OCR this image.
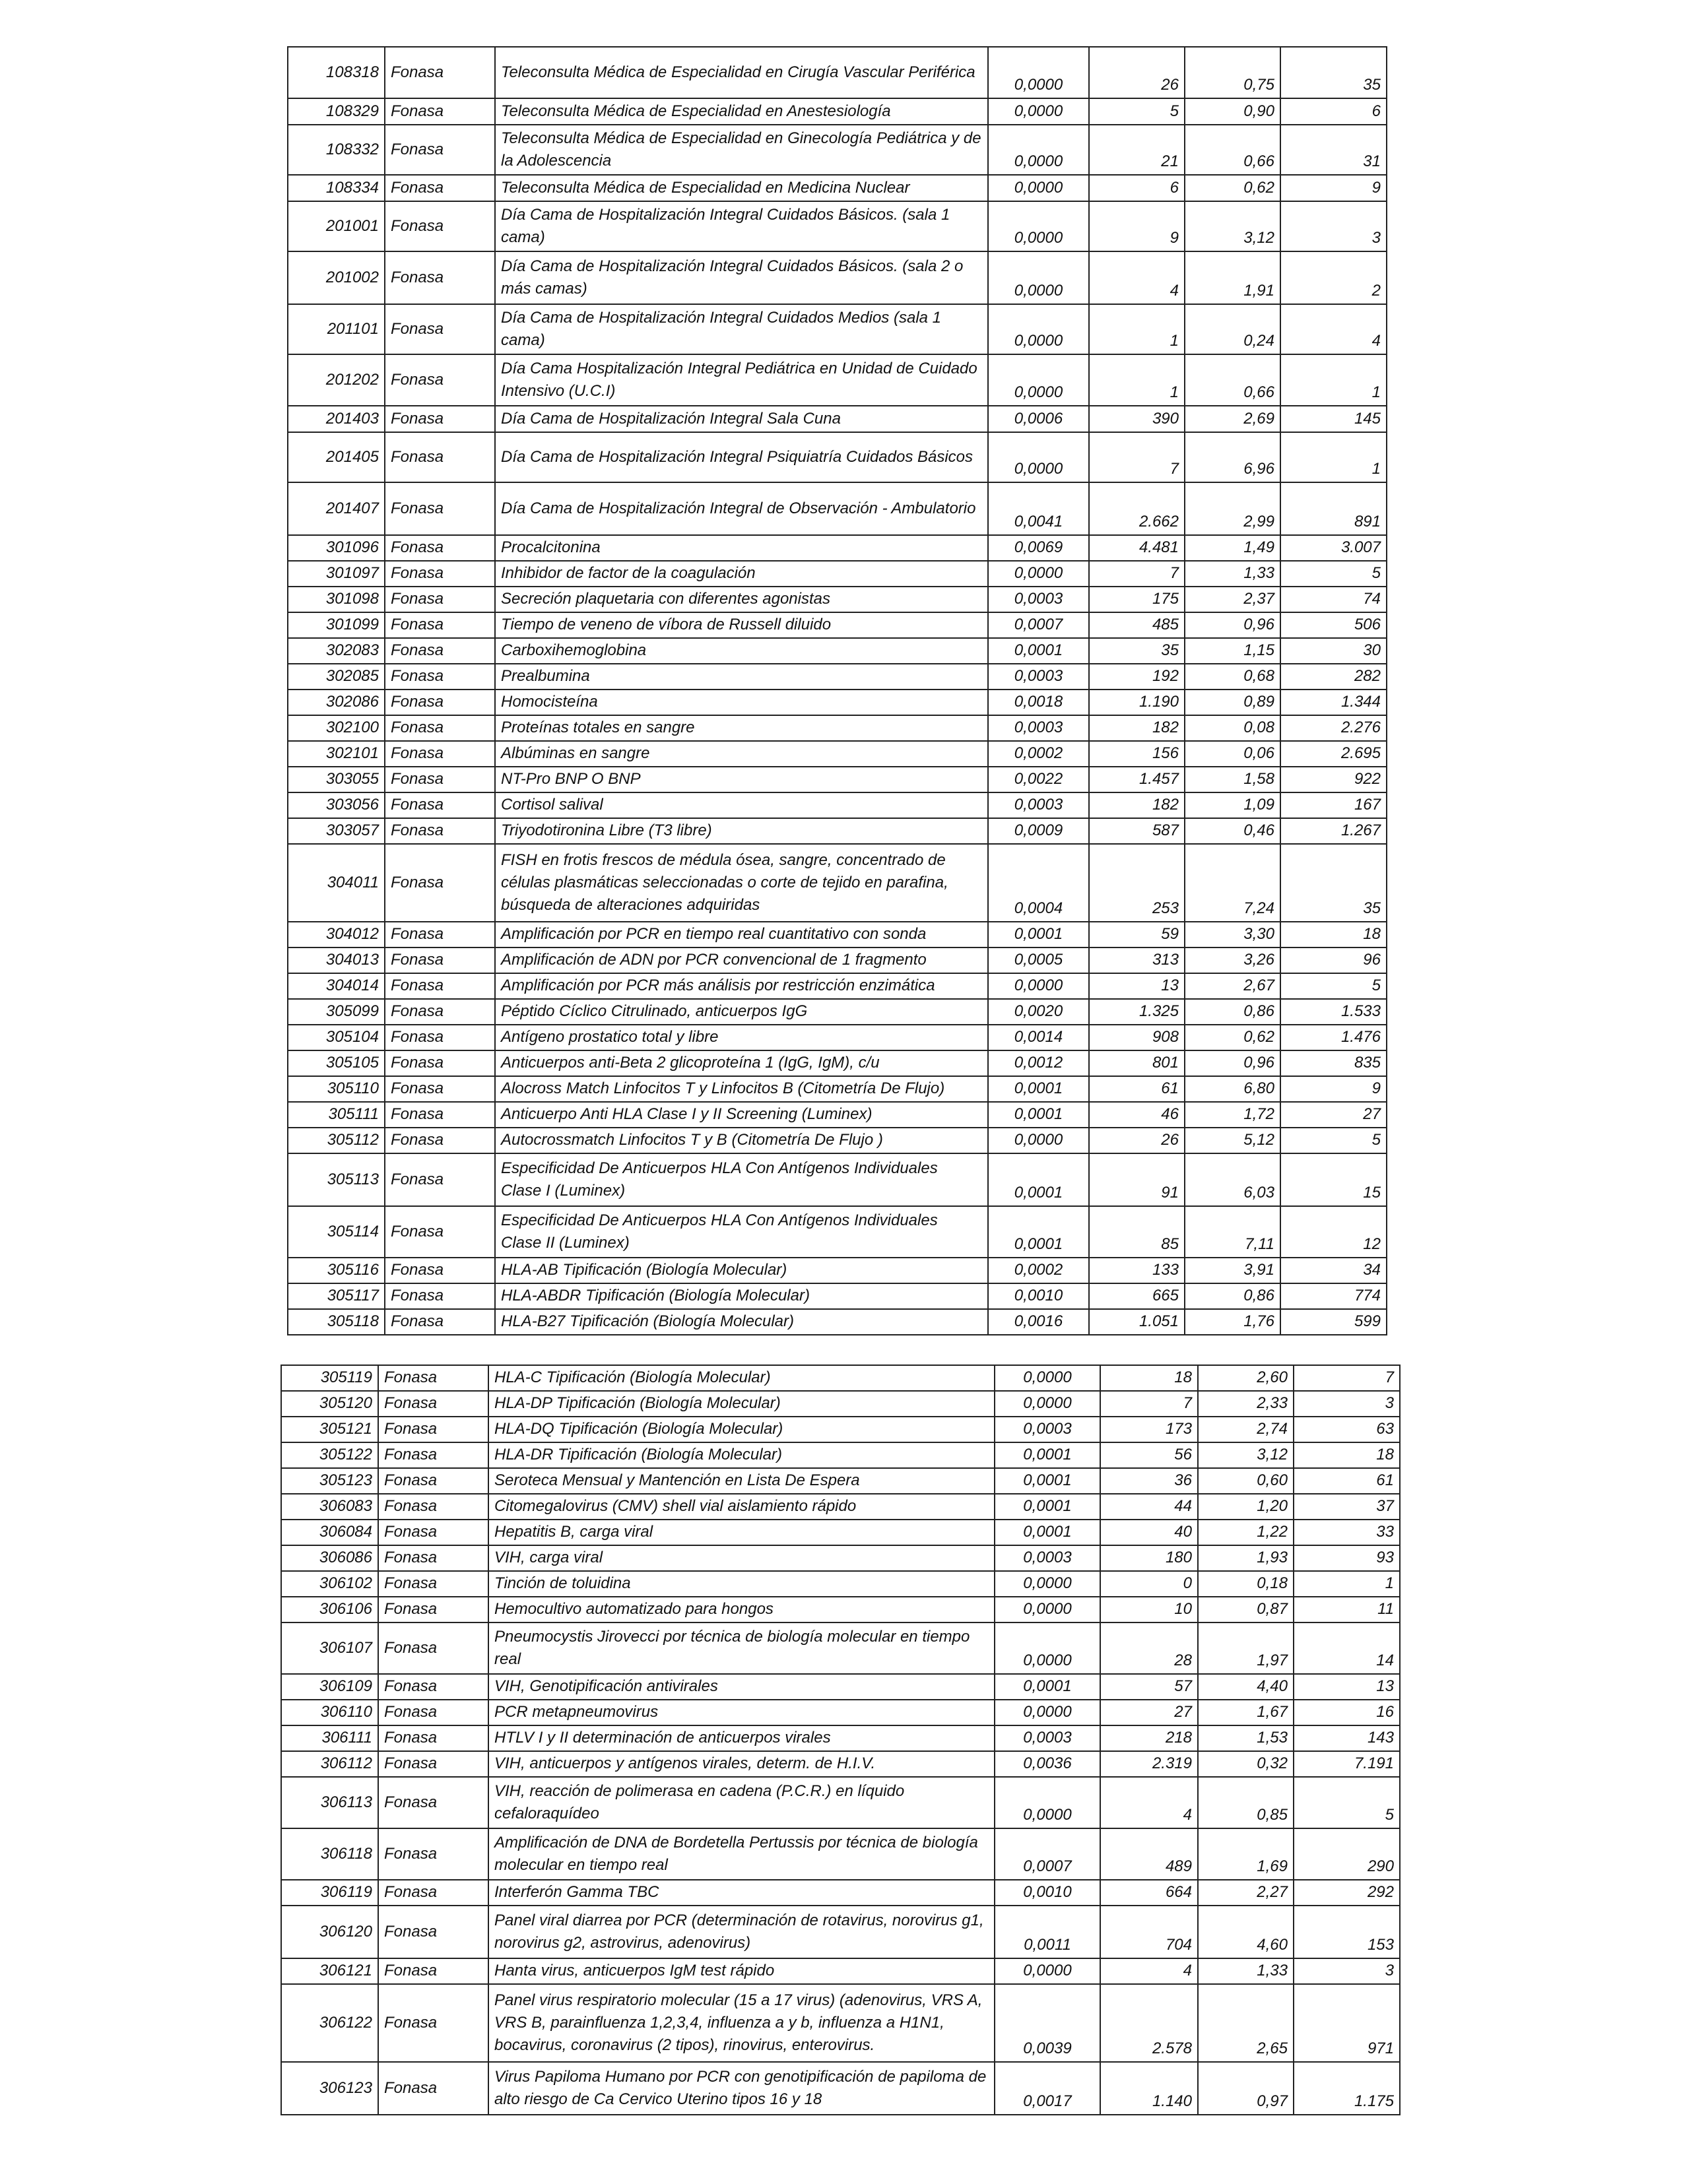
108318	Fonasa	Teleconsulta Médica de Especialidad en Cirugía Vascular Periférica	0,0000	26	0,75	35
108329	Fonasa	Teleconsulta Médica de Especialidad en Anestesiología	0,0000	5	0,90	6
108332	Fonasa	Teleconsulta Médica de Especialidad en Ginecología Pediátrica y de la Adolescencia	0,0000	21	0,66	31
108334	Fonasa	Teleconsulta Médica de Especialidad en Medicina Nuclear	0,0000	6	0,62	9
201001	Fonasa	Día Cama de Hospitalización Integral Cuidados Básicos. (sala 1 cama)	0,0000	9	3,12	3
201002	Fonasa	Día Cama de Hospitalización Integral Cuidados Básicos. (sala 2 o más camas)	0,0000	4	1,91	2
201101	Fonasa	Día Cama de Hospitalización Integral Cuidados Medios (sala 1 cama)	0,0000	1	0,24	4
201202	Fonasa	Día Cama Hospitalización Integral Pediátrica en Unidad de Cuidado Intensivo (U.C.I)	0,0000	1	0,66	1
201403	Fonasa	Día Cama de Hospitalización Integral Sala Cuna	0,0006	390	2,69	145
201405	Fonasa	Día Cama de Hospitalización Integral Psiquiatría Cuidados Básicos	0,0000	7	6,96	1
201407	Fonasa	Día Cama de Hospitalización Integral de Observación - Ambulatorio	0,0041	2.662	2,99	891
301096	Fonasa	Procalcitonina	0,0069	4.481	1,49	3.007
301097	Fonasa	Inhibidor de factor de la coagulación	0,0000	7	1,33	5
301098	Fonasa	Secreción plaquetaria con diferentes agonistas	0,0003	175	2,37	74
301099	Fonasa	Tiempo de veneno de víbora de Russell diluido	0,0007	485	0,96	506
302083	Fonasa	Carboxihemoglobina	0,0001	35	1,15	30
302085	Fonasa	Prealbumina	0,0003	192	0,68	282
302086	Fonasa	Homocisteína	0,0018	1.190	0,89	1.344
302100	Fonasa	Proteínas totales en sangre	0,0003	182	0,08	2.276
302101	Fonasa	Albúminas en sangre	0,0002	156	0,06	2.695
303055	Fonasa	NT-Pro BNP O BNP	0,0022	1.457	1,58	922
303056	Fonasa	Cortisol salival	0,0003	182	1,09	167
303057	Fonasa	Triyodotironina Libre (T3 libre)	0,0009	587	0,46	1.267
304011	Fonasa	FISH en frotis frescos de médula ósea, sangre, concentrado de células plasmáticas seleccionadas o corte de tejido en parafina, búsqueda de alteraciones adquiridas	0,0004	253	7,24	35
304012	Fonasa	Amplificación por PCR en tiempo real cuantitativo con sonda	0,0001	59	3,30	18
304013	Fonasa	Amplificación de ADN por PCR convencional de 1 fragmento	0,0005	313	3,26	96
304014	Fonasa	Amplificación por PCR más análisis por restricción enzimática	0,0000	13	2,67	5
305099	Fonasa	Péptido Cíclico Citrulinado, anticuerpos IgG	0,0020	1.325	0,86	1.533
305104	Fonasa	Antígeno prostatico total y libre	0,0014	908	0,62	1.476
305105	Fonasa	Anticuerpos anti-Beta 2 glicoproteína 1 (IgG, IgM), c/u	0,0012	801	0,96	835
305110	Fonasa	Alocross Match Linfocitos T y Linfocitos B (Citometría De Flujo)	0,0001	61	6,80	9
305111	Fonasa	Anticuerpo Anti HLA Clase I y II Screening (Luminex)	0,0001	46	1,72	27
305112	Fonasa	Autocrossmatch Linfocitos T y B (Citometría De Flujo )	0,0000	26	5,12	5
305113	Fonasa	Especificidad De Anticuerpos HLA Con Antígenos Individuales Clase I (Luminex)	0,0001	91	6,03	15
305114	Fonasa	Especificidad De Anticuerpos HLA Con Antígenos Individuales Clase II (Luminex)	0,0001	85	7,11	12
305116	Fonasa	HLA-AB Tipificación (Biología Molecular)	0,0002	133	3,91	34
305117	Fonasa	HLA-ABDR Tipificación (Biología Molecular)	0,0010	665	0,86	774
305118	Fonasa	HLA-B27 Tipificación (Biología Molecular)	0,0016	1.051	1,76	599
305119	Fonasa	HLA-C Tipificación (Biología Molecular)	0,0000	18	2,60	7
305120	Fonasa	HLA-DP Tipificación (Biología Molecular)	0,0000	7	2,33	3
305121	Fonasa	HLA-DQ Tipificación (Biología Molecular)	0,0003	173	2,74	63
305122	Fonasa	HLA-DR Tipificación (Biología Molecular)	0,0001	56	3,12	18
305123	Fonasa	Seroteca Mensual y Mantención en Lista De Espera	0,0001	36	0,60	61
306083	Fonasa	Citomegalovirus (CMV) shell vial aislamiento rápido	0,0001	44	1,20	37
306084	Fonasa	Hepatitis B, carga viral	0,0001	40	1,22	33
306086	Fonasa	VIH, carga viral	0,0003	180	1,93	93
306102	Fonasa	Tinción de toluidina	0,0000	0	0,18	1
306106	Fonasa	Hemocultivo automatizado para hongos	0,0000	10	0,87	11
306107	Fonasa	Pneumocystis Jirovecci por técnica de biología molecular en tiempo real	0,0000	28	1,97	14
306109	Fonasa	VIH, Genotipificación antivirales	0,0001	57	4,40	13
306110	Fonasa	PCR metapneumovirus	0,0000	27	1,67	16
306111	Fonasa	HTLV I y II determinación de anticuerpos virales	0,0003	218	1,53	143
306112	Fonasa	VIH, anticuerpos y antígenos virales, determ. de H.I.V.	0,0036	2.319	0,32	7.191
306113	Fonasa	VIH, reacción de polimerasa en cadena (P.C.R.) en líquido cefaloraquídeo	0,0000	4	0,85	5
306118	Fonasa	Amplificación de DNA de Bordetella Pertussis por técnica de biología molecular en tiempo real	0,0007	489	1,69	290
306119	Fonasa	Interferón Gamma TBC	0,0010	664	2,27	292
306120	Fonasa	Panel viral diarrea por PCR (determinación de rotavirus, norovirus g1, norovirus g2, astrovirus, adenovirus)	0,0011	704	4,60	153
306121	Fonasa	Hanta virus, anticuerpos IgM test rápido	0,0000	4	1,33	3
306122	Fonasa	Panel virus respiratorio molecular (15 a 17 virus) (adenovirus, VRS A, VRS B, parainfluenza 1,2,3,4, influenza a y b, influenza a H1N1, bocavirus, coronavirus (2 tipos), rinovirus, enterovirus.	0,0039	2.578	2,65	971
306123	Fonasa	Virus Papiloma Humano por PCR con genotipificación de papiloma de alto riesgo de Ca Cervico Uterino tipos 16 y 18	0,0017	1.140	0,97	1.175
